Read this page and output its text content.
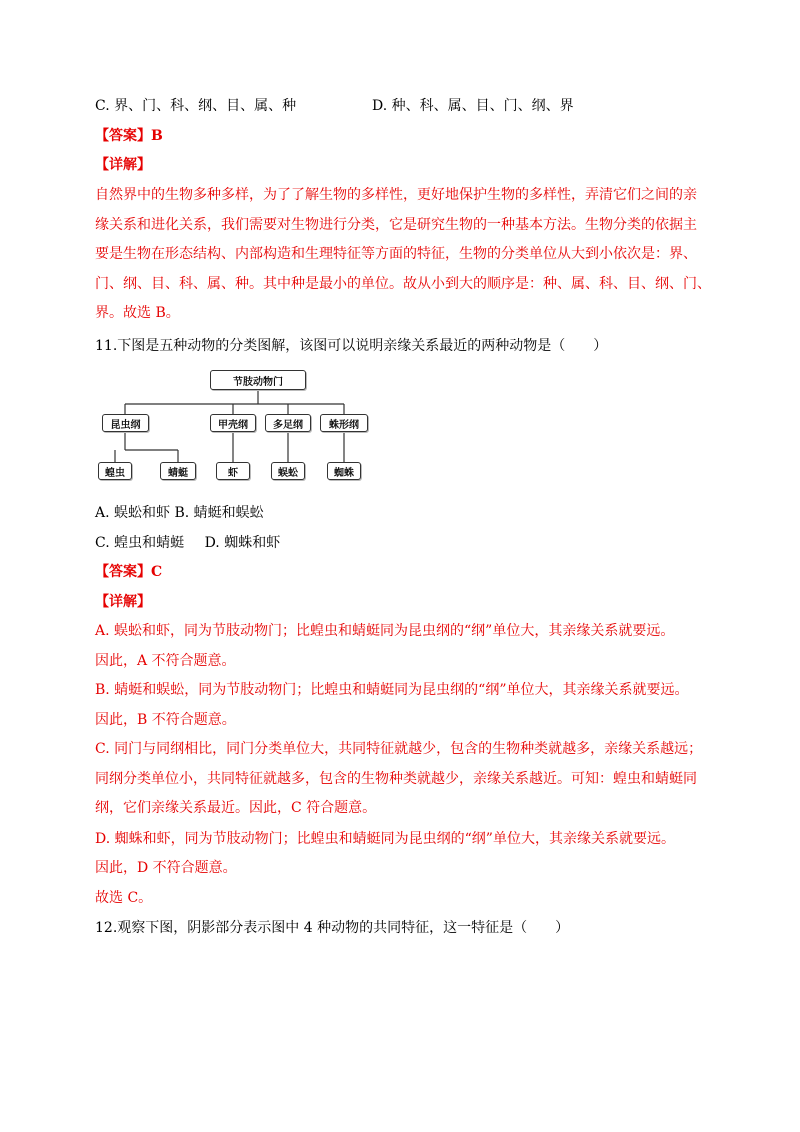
C. 界、门、科、纲、目、属、种	D. 种、科、属、目、门、纲、界
【答案】B
【详解】
自然界中的生物多种多样，为了了解生物的多样性，更好地保护生物的多样性，弄清它们之间的亲
缘关系和进化关系，我们需要对生物进行分类，它是研究生物的一种基本方法。生物分类的依据主
要是生物在形态结构、内部构造和生理特征等方面的特征，生物的分类单位从大到小依次是：界、
门、纲、目、科、属、种。其中种是最小的单位。故从小到大的顺序是：种、属、科、目、纲、门、
界。故选 B。
11.下图是五种动物的分类图解，该图可以说明亲缘关系最近的两种动物是（　　）
节肢动物门
昆虫纲	甲壳纲	多足纲	蛛形纲
蝗虫	蜻蜓	虾	蜈蚣	蜘蛛
A. 蜈蚣和虾 B. 蜻蜓和蜈蚣
C. 蝗虫和蜻蜓 D. 蜘蛛和虾
【答案】C
【详解】
A. 蜈蚣和虾，同为节肢动物门；比蝗虫和蜻蜓同为昆虫纲的“纲”单位大，其亲缘关系就要远。
因此，A 不符合题意。
B. 蜻蜓和蜈蚣，同为节肢动物门；比蝗虫和蜻蜓同为昆虫纲的“纲”单位大，其亲缘关系就要远。
因此，B 不符合题意。
C. 同门与同纲相比，同门分类单位大，共同特征就越少，包含的生物种类就越多，亲缘关系越远；
同纲分类单位小，共同特征就越多，包含的生物种类就越少，亲缘关系越近。可知：蝗虫和蜻蜓同
纲，它们亲缘关系最近。因此，C 符合题意。
D. 蜘蛛和虾，同为节肢动物门；比蝗虫和蜻蜓同为昆虫纲的“纲”单位大，其亲缘关系就要远。
因此，D 不符合题意。
故选 C。
12.观察下图，阴影部分表示图中 4 种动物的共同特征，这一特征是（　　）
